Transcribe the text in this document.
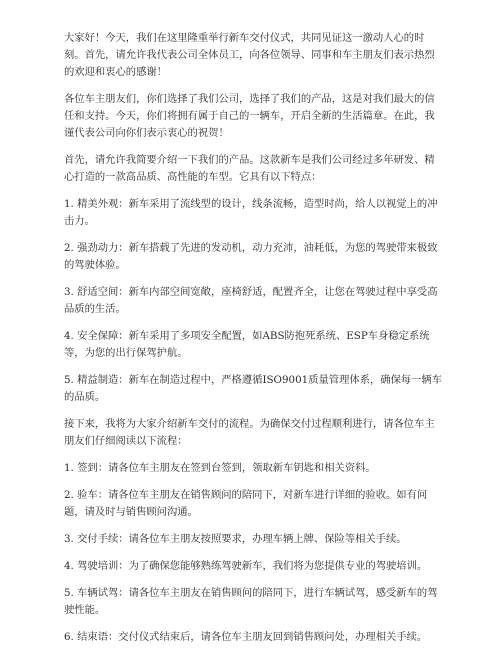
大家好！今天，我们在这里隆重举行新车交付仪式，共同见证这一激动人心的时刻。首先，请允许我代表公司全体员工，向各位领导、同事和车主朋友们表示热烈的欢迎和衷心的感谢！

各位车主朋友们，你们选择了我们公司，选择了我们的产品，这是对我们最大的信任和支持。今天，你们将拥有属于自己的一辆车，开启全新的生活篇章。在此，我谨代表公司向你们表示衷心的祝贺！

首先，请允许我简要介绍一下我们的产品。这款新车是我们公司经过多年研发、精心打造的一款高品质、高性能的车型。它具有以下特点：

1. 精美外观：新车采用了流线型的设计，线条流畅，造型时尚，给人以视觉上的冲击力。

2. 强劲动力：新车搭载了先进的发动机，动力充沛，油耗低，为您的驾驶带来极致的驾驶体验。

3. 舒适空间：新车内部空间宽敞，座椅舒适，配置齐全，让您在驾驶过程中享受高品质的生活。

4. 安全保障：新车采用了多项安全配置，如ABS防抱死系统、ESP车身稳定系统等，为您的出行保驾护航。

5. 精益制造：新车在制造过程中，严格遵循ISO9001质量管理体系，确保每一辆车的品质。

接下来，我将为大家介绍新车交付的流程。为确保交付过程顺利进行，请各位车主朋友们仔细阅读以下流程：

1. 签到：请各位车主朋友在签到台签到，领取新车钥匙和相关资料。

2. 验车：请各位车主朋友在销售顾问的陪同下，对新车进行详细的验收。如有问题，请及时与销售顾问沟通。

3. 交付手续：请各位车主朋友按照要求，办理车辆上牌、保险等相关手续。

4. 驾驶培训：为了确保您能够熟练驾驶新车，我们将为您提供专业的驾驶培训。

5. 车辆试驾：请各位车主朋友在销售顾问的陪同下，进行车辆试驾，感受新车的驾驶性能。

6. 结束语：交付仪式结束后，请各位车主朋友回到销售顾问处，办理相关手续。
